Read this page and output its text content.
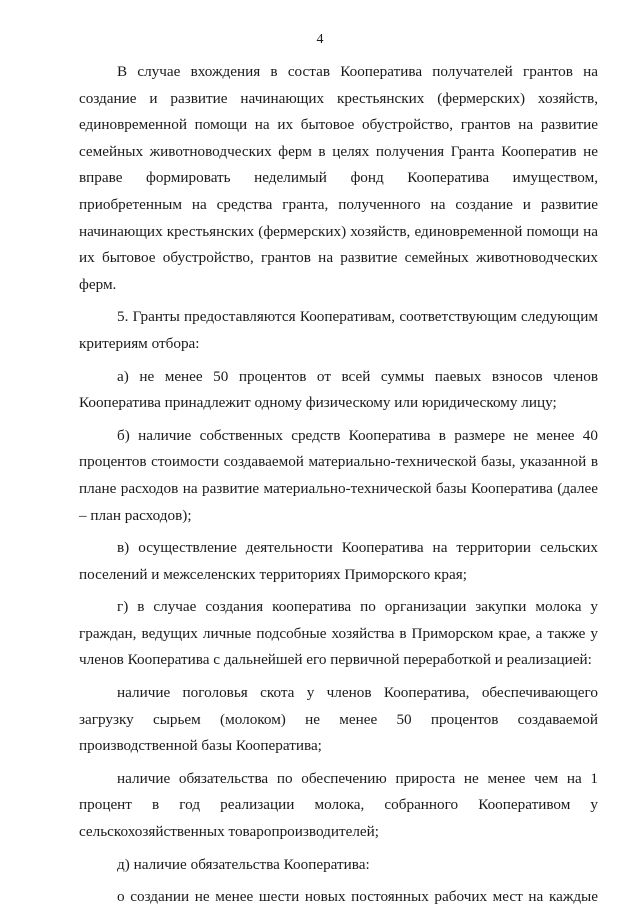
4

В случае вхождения в состав Кооператива получателей грантов на создание и развитие начинающих крестьянских (фермерских) хозяйств, единовременной помощи на их бытовое обустройство, грантов на развитие семейных животноводческих ферм в целях получения Гранта Кооператив не вправе формировать неделимый фонд Кооператива имуществом, приобретенным на средства гранта, полученного на создание и развитие начинающих крестьянских (фермерских) хозяйств, единовременной помощи на их бытовое обустройство, грантов на развитие семейных животноводческих ферм.

5. Гранты предоставляются Кооперативам, соответствующим следующим критериям отбора:

а) не менее 50 процентов от всей суммы паевых взносов членов Кооператива принадлежит одному физическому или юридическому лицу;

б) наличие собственных средств Кооператива в размере не менее 40 процентов стоимости создаваемой материально-технической базы, указанной в плане расходов на развитие материально-технической базы Кооператива (далее – план расходов);

в) осуществление деятельности Кооператива на территории сельских поселений и межселенских территориях Приморского края;

г) в случае создания кооператива по организации закупки молока у граждан, ведущих личные подсобные хозяйства в Приморском крае, а также у членов Кооператива с дальнейшей его первичной переработкой и реализацией:

наличие поголовья скота у членов Кооператива, обеспечивающего загрузку сырьем (молоком) не менее 50 процентов создаваемой производственной базы Кооператива;

наличие обязательства по обеспечению прироста не менее чем на 1 процент в год реализации молока, собранного Кооперативом у сельскохозяйственных товаропроизводителей;

д) наличие обязательства Кооператива:

о создании не менее шести новых постоянных рабочих мест на каждые
